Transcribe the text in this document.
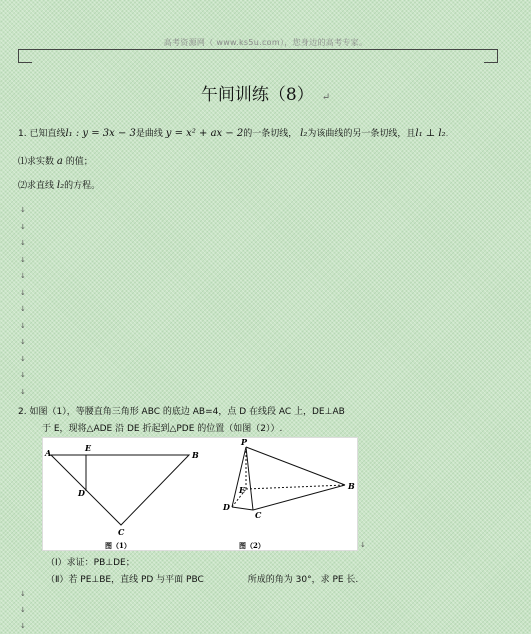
高考资源网（ www.ks5u.com），您身边的高考专家。
午间训练（8） ↵
1. 已知直线l₁ : y = 3x − 3是曲线 y = x² + ax − 2的一条切线， l₂为该曲线的另一条切线，且l₁ ⊥ l₂.
⑴求实数 a 的值；
⑵求直线 l₂的方程。
↓
↓
↓
↓
↓
↓
↓
↓
↓
↓
↓
↓
2. 如图（1），等腰直角三角形 ABC 的底边 AB=4，点 D 在线段 AC 上，DE⊥AB
于 E，现将△ADE 沿 DE 折起到△PDE 的位置（如图（2））.
A	E
B
D
C
图（1）
P
E	B
D
C
图（2）	↓
（Ⅰ）求证：PB⊥DE；
（Ⅱ）若 PE⊥BE，直线 PD 与平面 PBC	所成的角为 30°，求 PE 长.
↓
↓
↓
